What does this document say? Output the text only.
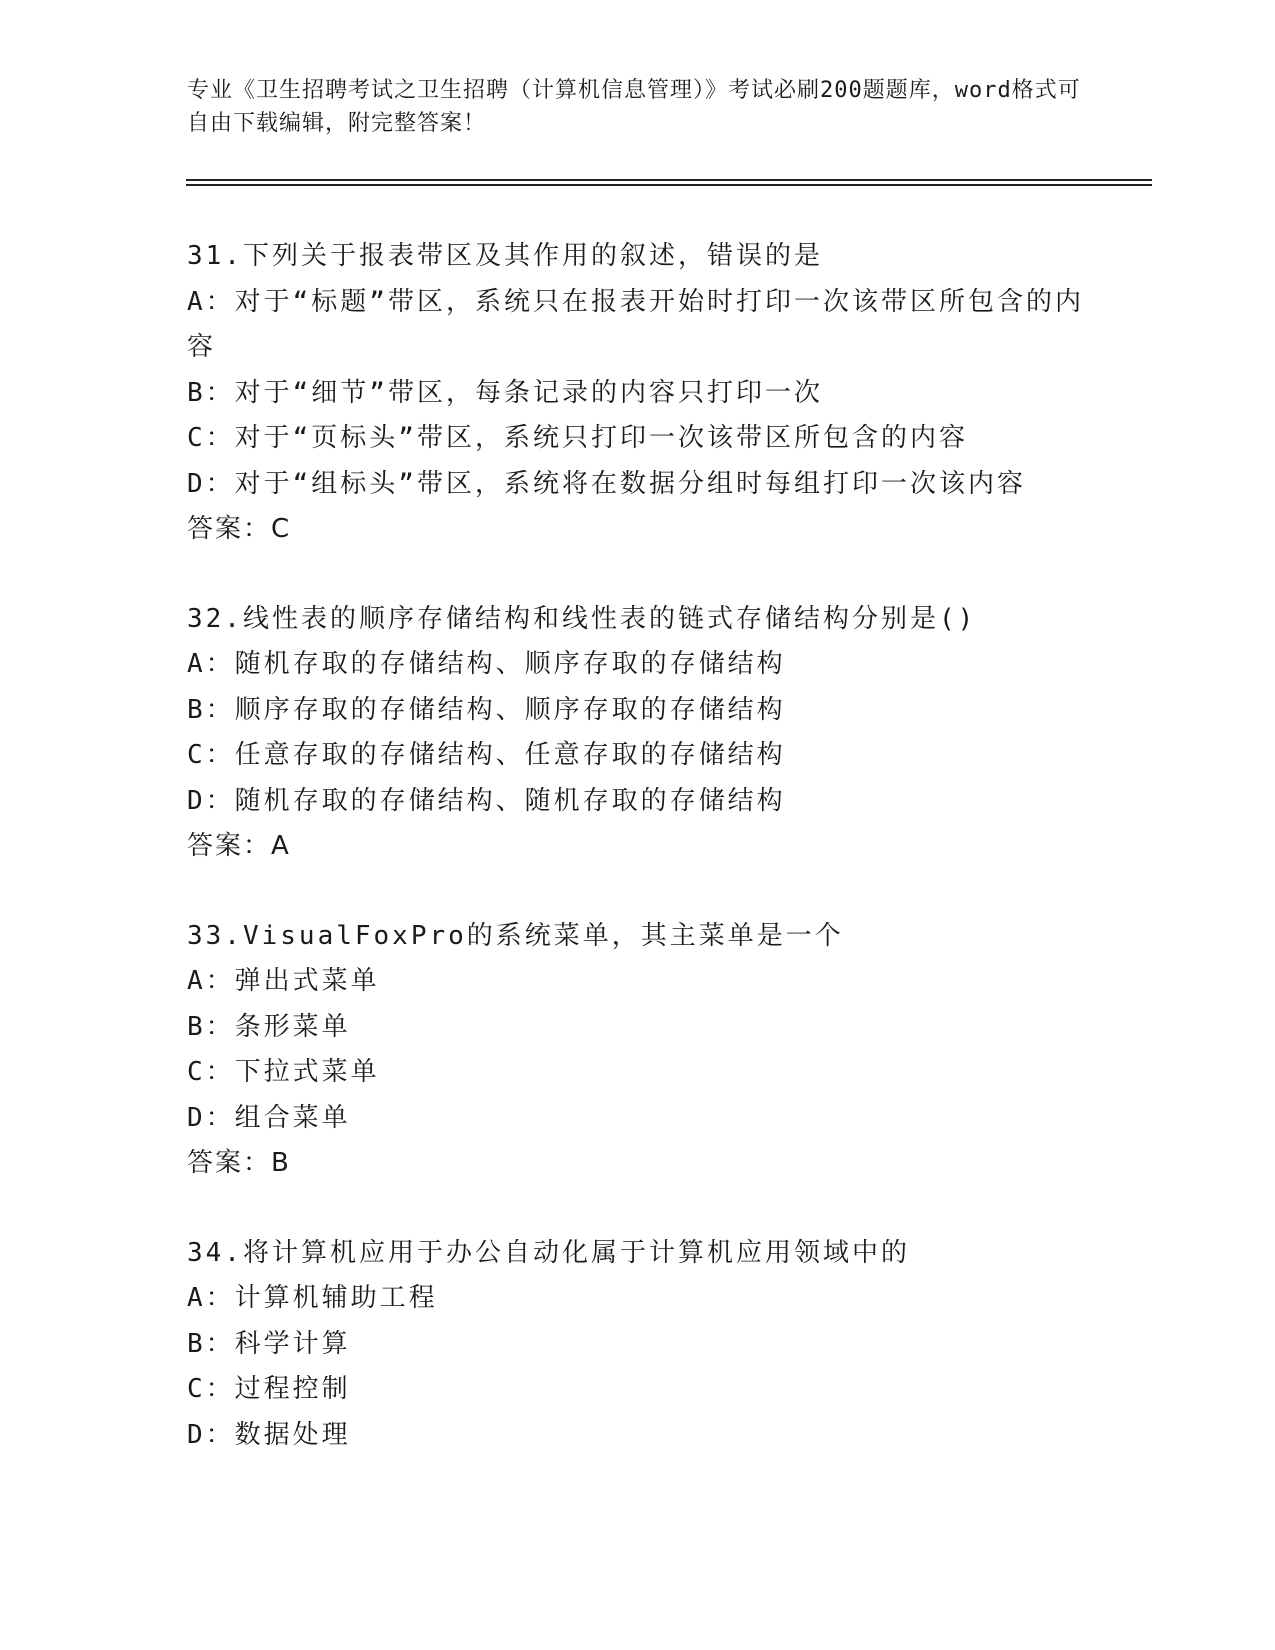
专业《卫生招聘考试之卫生招聘（计算机信息管理）》考试必刷200题题库，word格式可自由下载编辑，附完整答案！
31.下列关于报表带区及其作用的叙述，错误的是
A：对于“标题”带区，系统只在报表开始时打印一次该带区所包含的内容
B：对于“细节”带区，每条记录的内容只打印一次
C：对于“页标头”带区，系统只打印一次该带区所包含的内容
D：对于“组标头”带区，系统将在数据分组时每组打印一次该内容
答案：C
32.线性表的顺序存储结构和线性表的链式存储结构分别是()
A：随机存取的存储结构、顺序存取的存储结构
B：顺序存取的存储结构、顺序存取的存储结构
C：任意存取的存储结构、任意存取的存储结构
D：随机存取的存储结构、随机存取的存储结构
答案：A
33.VisualFoxPro的系统菜单，其主菜单是一个
A：弹出式菜单
B：条形菜单
C：下拉式菜单
D：组合菜单
答案：B
34.将计算机应用于办公自动化属于计算机应用领域中的
A：计算机辅助工程
B：科学计算
C：过程控制
D：数据处理
